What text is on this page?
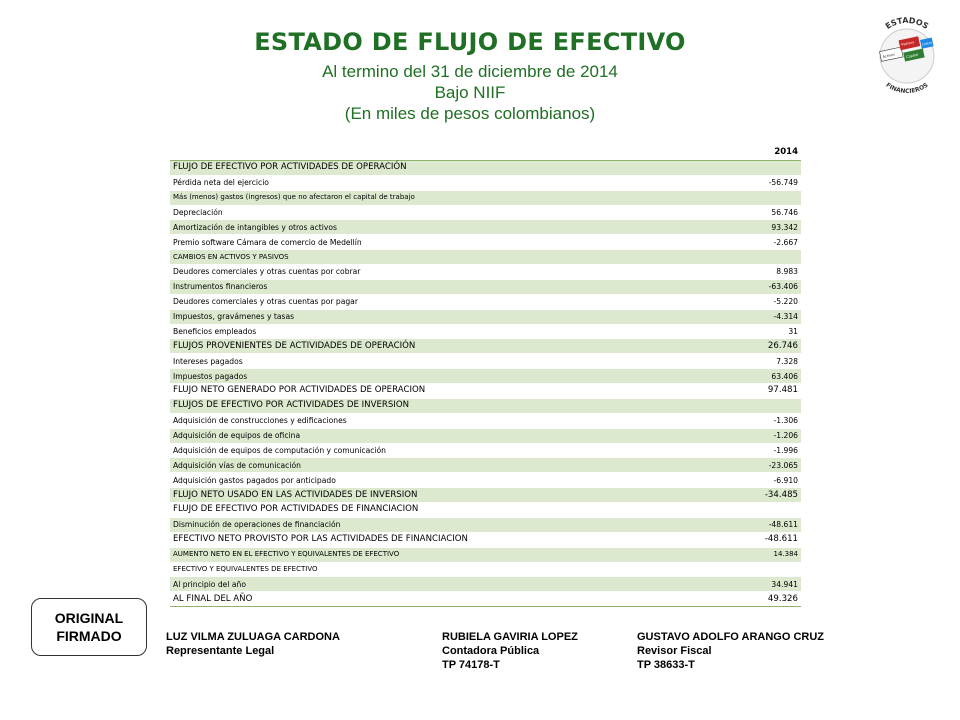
ESTADO DE FLUJO DE EFECTIVO
Al termino del 31 de diciembre de 2014
Bajo NIIF
(En miles de pesos colombianos)
ESTADOS
FINANCIEROS
Activos
Pasivos
Capital
Costos
	2014
FLUJO DE EFECTIVO POR ACTIVIDADES DE OPERACIÓN	
Pérdida neta del ejercicio	-56.749
Más (menos) gastos (ingresos) que no afectaron el capital de trabajo	
Depreciación	56.746
Amortización de intangibles y otros activos	93.342
Premio software Cámara de comercio de Medellín	-2.667
CAMBIOS EN ACTIVOS Y PASIVOS	
Deudores comerciales y otras cuentas por cobrar	8.983
Instrumentos financieros	-63.406
Deudores comerciales y otras cuentas por pagar	-5.220
Impuestos, gravámenes y tasas	-4.314
Beneficios empleados	31
FLUJOS PROVENIENTES DE ACTIVIDADES DE OPERACIÓN	26.746
Intereses pagados	7.328
Impuestos pagados	63.406
FLUJO NETO GENERADO POR ACTIVIDADES DE OPERACION	97.481
FLUJOS DE EFECTIVO POR ACTIVIDADES DE INVERSION	
Adquisición de construcciones y edificaciones	-1.306
Adquisición de equipos de oficina	-1.206
Adquisición de equipos de computación y comunicación	-1.996
Adquisición vías de comunicación	-23.065
Adquisición gastos pagados por anticipado	-6.910
FLUJO NETO USADO EN LAS ACTIVIDADES DE INVERSION	-34.485
FLUJO DE EFECTIVO POR ACTIVIDADES DE FINANCIACION	
Disminución de operaciones de financiación	-48.611
EFECTIVO NETO PROVISTO POR LAS ACTIVIDADES DE FINANCIACION	-48.611
AUMENTO NETO EN EL EFECTIVO Y EQUIVALENTES DE EFECTIVO	14.384
EFECTIVO Y EQUIVALENTES DE EFECTIVO	
Al principio del año	34.941
AL FINAL DEL AÑO	49.326
ORIGINAL
FIRMADO	LUZ VILMA ZULUAGA CARDONA
Representante Legal
RUBIELA GAVIRIA LOPEZ
Contadora Pública
TP 74178-T
GUSTAVO ADOLFO ARANGO CRUZ
Revisor Fiscal
TP 38633-T
